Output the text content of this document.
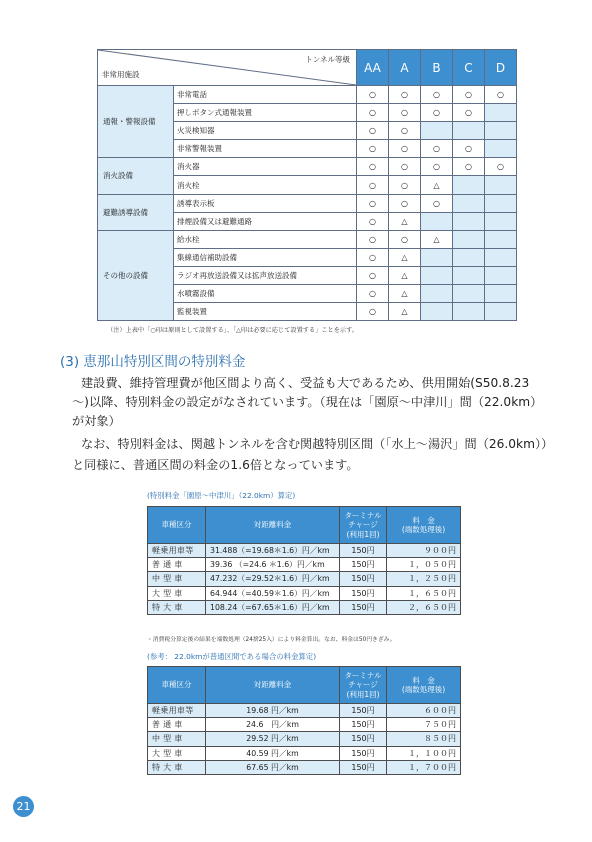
トンネル等級
非常用施設		AA	A	B	C	D
通報・警報設備	非常電話	○	○	○	○	○
	押しボタン式通報装置	○	○	○	○	
	火災検知器	○	○			
	非常警報装置	○	○	○	○	
消火設備	消火器	○	○	○	○	○
	消火栓	○	○	△		
避難誘導設備	誘導表示板	○	○	○		
	排煙設備又は避難通路	○	△			
その他の設備	給水栓	○	○	△		
	集線通信補助設備	○	△			
	ラジオ再放送設備又は拡声放送設備	○	△			
	水噴霧設備	○	△			
	監視装置	○	△			
（注）上表中「○印は原則として設置する」、「△印は必要に応じて設置する」ことを示す。
(3) 恵那山特別区間の特別料金
建設費、維持管理費が他区間より高く、受益も大であるため、供用開始(S50.8.23
〜)以降、特別料金の設定がなされています。（現在は「園原〜中津川」間（22.0km）
が対象）
なお、特別料金は、関越トンネルを含む関越特別区間（「水上〜湯沢」間（26.0km））
と同様に、普通区間の料金の1.6倍となっています。
(特別料金「園原〜中津川」（22.0km）算定)
車種区分	対距離料金	ターミナル
チャージ
(利用1回)	料　金
(端数処理後)
軽乗用車等	31.488（=19.68＊1.6）円／km	150円	９００円
普 通 車	39.36 （=24.6 ＊1.6）円／km	150円	１，０５０円
中 型 車	47.232（=29.52＊1.6）円／km	150円	１，２５０円
大 型 車	64.944（=40.59＊1.6）円／km	150円	１，６５０円
特 大 車	108.24（=67.65＊1.6）円／km	150円	２，６５０円
・消費税分算定後の結果を端数処理（24捨25入）により料金算出。なお、料金は50円きざみ。
(参考： 22.0kmが普通区間である場合の料金算定)
車種区分	対距離料金	ターミナル
チャージ
(利用1回)	料　金
(端数処理後)
軽乗用車等	19.68 円／km	150円	６００円
普 通 車	24.6　円／km	150円	７５０円
中 型 車	29.52 円／km	150円	８５０円
大 型 車	40.59 円／km	150円	１，１００円
特 大 車	67.65 円／km	150円	１，７００円
21
